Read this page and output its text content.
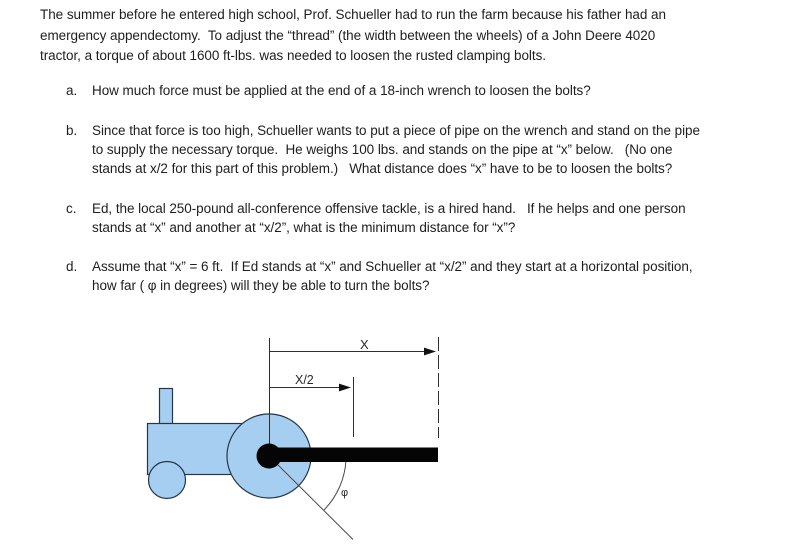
The summer before he entered high school, Prof. Schueller had to run the farm because his father had an
emergency appendectomy.  To adjust the “thread” (the width between the wheels) of a John Deere 4020
tractor, a torque of about 1600 ft-lbs. was needed to loosen the rusted clamping bolts.
a. How much force must be applied at the end of a 18-inch wrench to loosen the bolts?
b. Since that force is too high, Schueller wants to put a piece of pipe on the wrench and stand on the pipe
to supply the necessary torque.  He weighs 100 lbs. and stands on the pipe at “x” below.   (No one
stands at x/2 for this part of this problem.)   What distance does “x” have to be to loosen the bolts?
c. Ed, the local 250-pound all-conference offensive tackle, is a hired hand.   If he helps and one person
stands at “x” and another at “x/2”, what is the minimum distance for “x”?
d. Assume that “x” = 6 ft.  If Ed stands at “x” and Schueller at “x/2” and they start at a horizontal position,
how far ( φ in degrees) will they be able to turn the bolts?
X
X/2
φ
